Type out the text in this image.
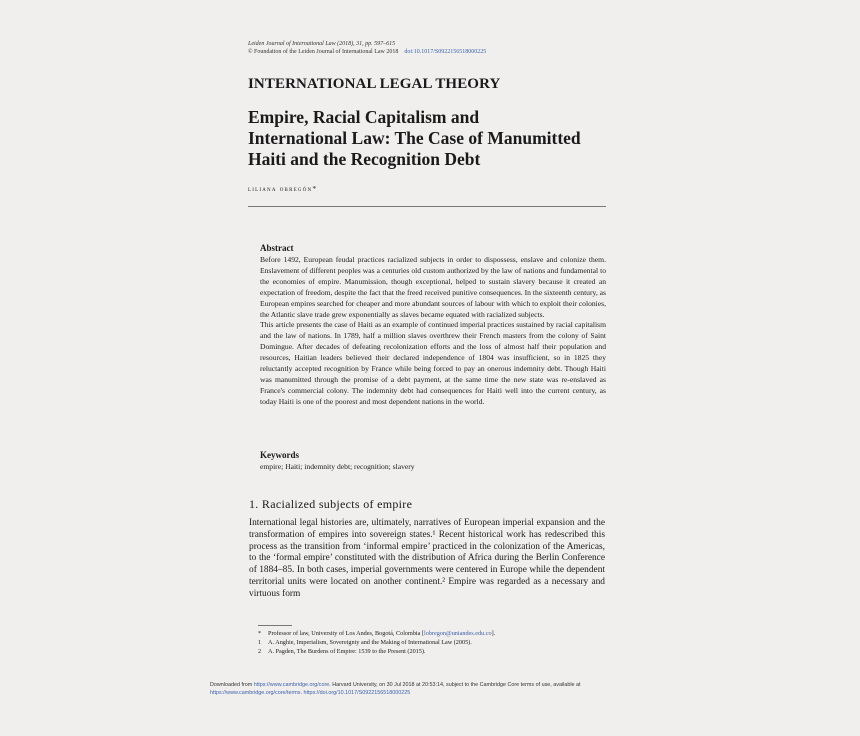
Leiden Journal of International Law (2018), 31, pp. 597–615
© Foundation of the Leiden Journal of International Law 2018 doi:10.1017/S0922156518000225
INTERNATIONAL LEGAL THEORY
Empire, Racial Capitalism and
International Law: The Case of Manumitted
Haiti and the Recognition Debt
liliana obregón*
Abstract

Before 1492, European feudal practices racialized subjects in order to dispossess, enslave and colonize them. Enslavement of different peoples was a centuries old custom authorized by the law of nations and fundamental to the economies of empire. Manumission, though exceptional, helped to sustain slavery because it created an expectation of freedom, despite the fact that the freed received punitive consequences. In the sixteenth century, as European empires searched for cheaper and more abundant sources of labour with which to exploit their colonies, the Atlantic slave trade grew exponentially as slaves became equated with racialized subjects.

This article presents the case of Haiti as an example of continued imperial practices sustained by racial capitalism and the law of nations. In 1789, half a million slaves overthrew their French masters from the colony of Saint Domingue. After decades of defeating recolonization efforts and the loss of almost half their population and resources, Haitian leaders believed their declared independence of 1804 was insufficient, so in 1825 they reluctantly accepted recognition by France while being forced to pay an onerous indemnity debt. Though Haiti was manumitted through the promise of a debt payment, at the same time the new state was re-enslaved as France's commercial colony. The indemnity debt had consequences for Haiti well into the current century, as today Haiti is one of the poorest and most dependent nations in the world.

Keywords
empire; Haiti; indemnity debt; recognition; slavery
1. Racialized subjects of empire
International legal histories are, ultimately, narratives of European imperial expansion and the transformation of empires into sovereign states.¹ Recent historical work has redescribed this process as the transition from ‘informal empire’ practiced in the colonization of the Americas, to the ‘formal empire’ constituted with the distribution of Africa during the Berlin Conference of 1884–85. In both cases, imperial governments were centered in Europe while the dependent territorial units were located on another continent.² Empire was regarded as a necessary and virtuous form
* Professor of law, University of Los Andes, Bogotá, Colombia [lobregon@uniandes.edu.co].
1 A. Anghie, Imperialism, Sovereignty and the Making of International Law (2005).
2 A. Pagden, The Burdens of Empire: 1539 to the Present (2015).
Downloaded from https://www.cambridge.org/core. Harvard University, on 30 Jul 2018 at 20:53:14, subject to the Cambridge Core terms of use, available at
https://www.cambridge.org/core/terms. https://doi.org/10.1017/S0922156518000225
